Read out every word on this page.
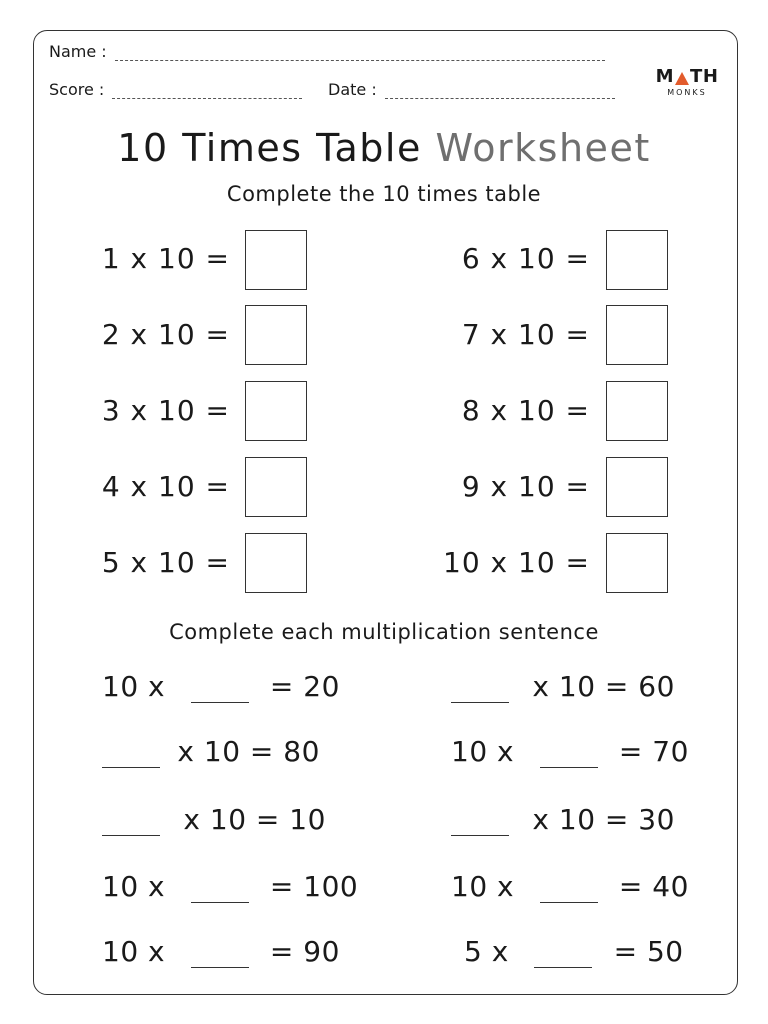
Name :
Score :	Date :
M TH
MONKS
10 Times Table Worksheet
Complete the 10 times table
1 x 10 =
2 x 10 =
3 x 10 =
4 x 10 =
5 x 10 =
6 x 10 =
7 x 10 =
8 x 10 =
9 x 10 =
10 x 10 =
Complete each multiplication sentence
10 x	= 20
x 10 = 80
x 10 = 10
10 x	= 100
10 x	= 90
x 10 = 60
10 x	= 70
x 10 = 30
10 x	= 40
5 x	= 50
